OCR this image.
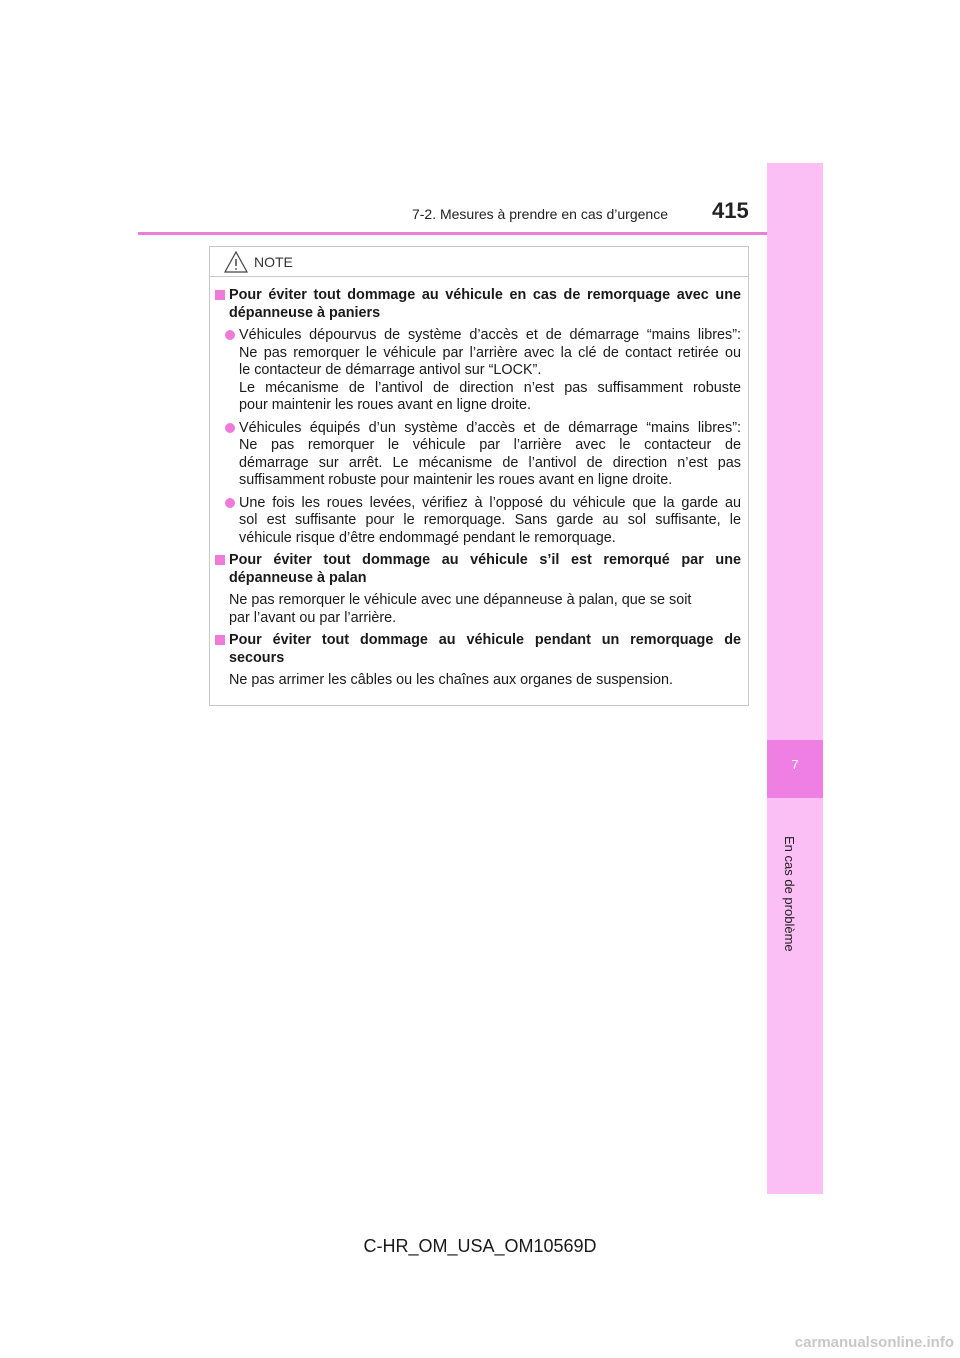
7-2. Mesures à prendre en cas d’urgence 415
7
En cas de problème
NOTE
Pour éviter tout dommage au véhicule en cas de remorquage avec une
dépanneuse à paniers
Véhicules dépourvus de système d’accès et de démarrage “mains libres”:
Ne pas remorquer le véhicule par l’arrière avec la clé de contact retirée ou
le contacteur de démarrage antivol sur “LOCK”.
Le mécanisme de l’antivol de direction n’est pas suffisamment robuste
pour maintenir les roues avant en ligne droite.
Véhicules équipés d’un système d’accès et de démarrage “mains libres”:
Ne pas remorquer le véhicule par l’arrière avec le contacteur de
démarrage sur arrêt. Le mécanisme de l’antivol de direction n’est pas
suffisamment robuste pour maintenir les roues avant en ligne droite.
Une fois les roues levées, vérifiez à l’opposé du véhicule que la garde au
sol est suffisante pour le remorquage. Sans garde au sol suffisante, le
véhicule risque d’être endommagé pendant le remorquage.
Pour éviter tout dommage au véhicule s’il est remorqué par une
dépanneuse à palan
Ne pas remorquer le véhicule avec une dépanneuse à palan, que se soit
par l’avant ou par l’arrière.
Pour éviter tout dommage au véhicule pendant un remorquage de
secours
Ne pas arrimer les câbles ou les chaînes aux organes de suspension.
C-HR_OM_USA_OM10569D
carmanualsonline.info
